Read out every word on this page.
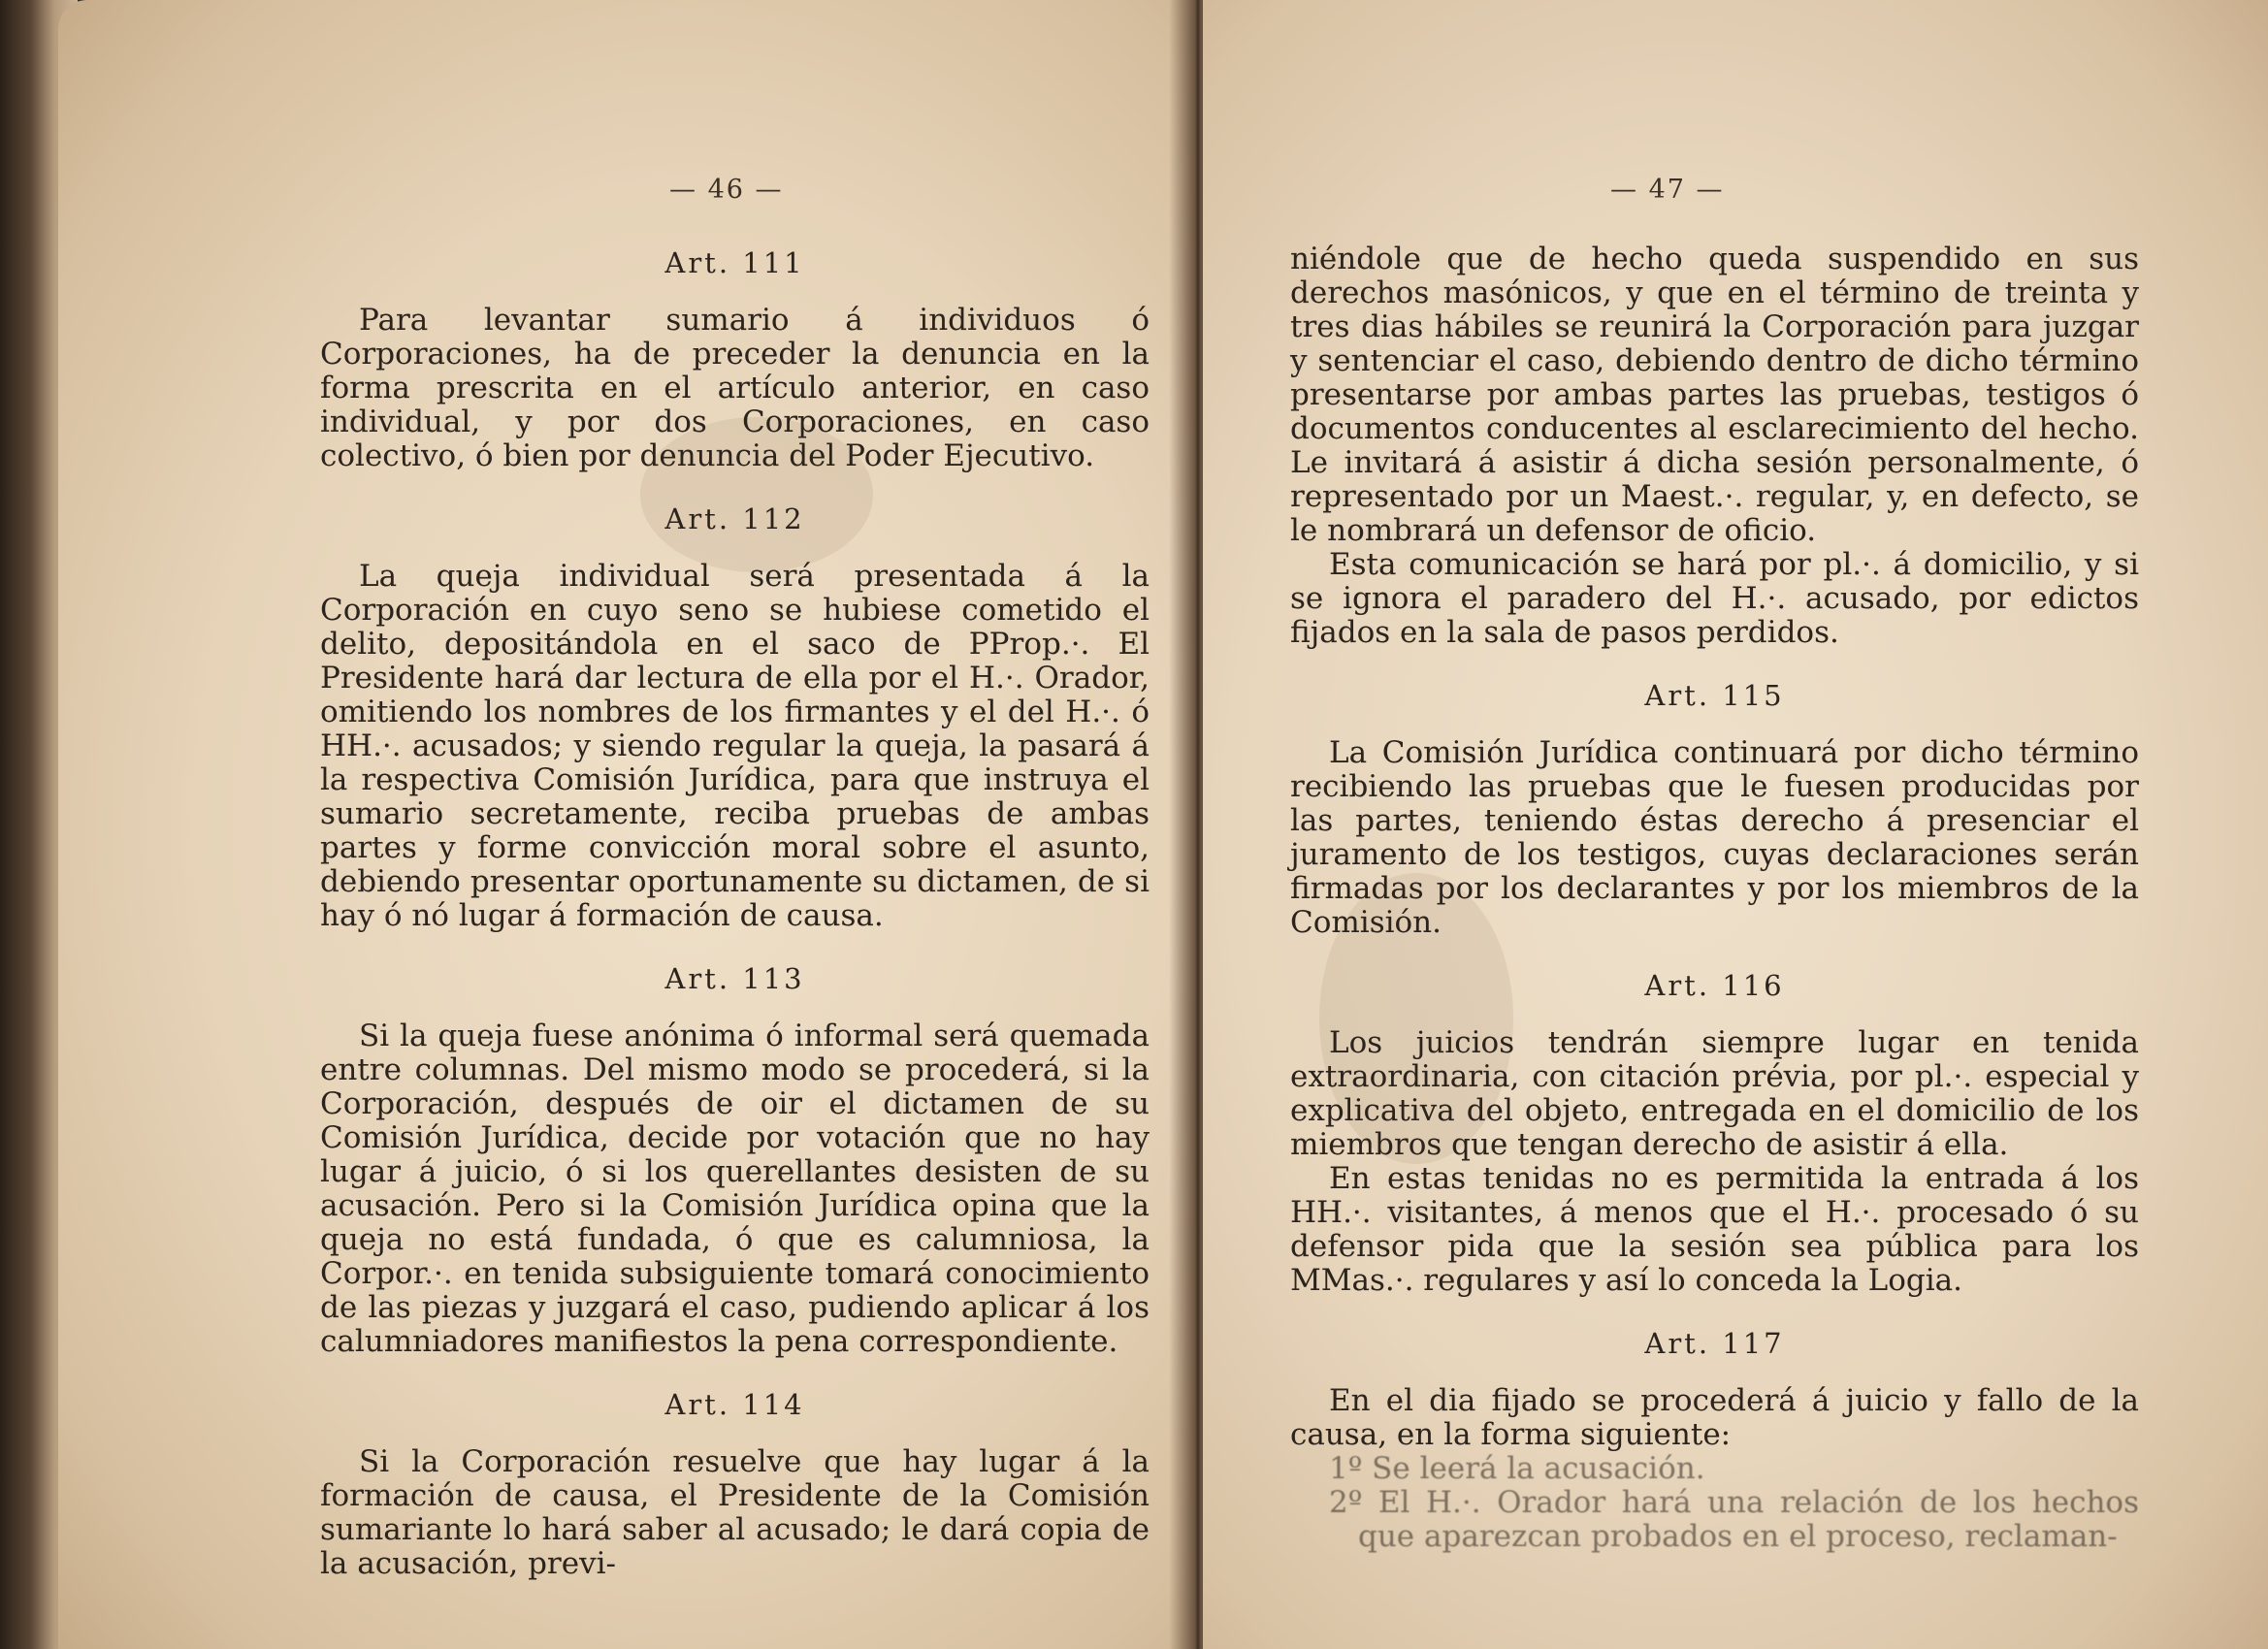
— 46 —
Art. 111

Para levantar sumario á individuos ó Corporaciones, ha de preceder la denuncia en la forma prescrita en el artículo anterior, en caso individual, y por dos Corporaciones, en caso colectivo, ó bien por denuncia del Poder Ejecutivo.

Art. 112

La queja individual será presentada á la Corporación en cuyo seno se hubiese cometido el delito, depositándola en el saco de PProp.·. El Presidente hará dar lectura de ella por el H.·. Orador, omitiendo los nombres de los firmantes y el del H.·. ó HH.·. acusados; y siendo regular la queja, la pasará á la respectiva Comisión Jurídica, para que instruya el sumario secretamente, reciba pruebas de ambas partes y forme convicción moral sobre el asunto, debiendo presentar oportunamente su dictamen, de si hay ó nó lugar á formación de causa.

Art. 113

Si la queja fuese anónima ó informal será quemada entre columnas. Del mismo modo se procederá, si la Corporación, después de oir el dictamen de su Comisión Jurídica, decide por votación que no hay lugar á juicio, ó si los querellantes desisten de su acusación. Pero si la Comisión Jurídica opina que la queja no está fundada, ó que es calumniosa, la Corpor.·. en tenida subsiguiente tomará conocimiento de las piezas y juzgará el caso, pudiendo aplicar á los calumniadores manifiestos la pena correspondiente.

Art. 114

Si la Corporación resuelve que hay lugar á la formación de causa, el Presidente de la Comisión sumariante lo hará saber al acusado; le dará copia de la acusación, previ-

— 47 —

niéndole que de hecho queda suspendido en sus derechos masónicos, y que en el término de treinta y tres dias hábiles se reunirá la Corporación para juzgar y sentenciar el caso, debiendo dentro de dicho término presentarse por ambas partes las pruebas, testigos ó documentos conducentes al esclarecimiento del hecho. Le invitará á asistir á dicha sesión personalmente, ó representado por un Maest.·. regular, y, en defecto, se le nombrará un defensor de oficio.

Esta comunicación se hará por pl.·. á domicilio, y si se ignora el paradero del H.·. acusado, por edictos fijados en la sala de pasos perdidos.

Art. 115

La Comisión Jurídica continuará por dicho término recibiendo las pruebas que le fuesen producidas por las partes, teniendo éstas derecho á presenciar el juramento de los testigos, cuyas declaraciones serán firmadas por los declarantes y por los miembros de la Comisión.

Art. 116

Los juicios tendrán siempre lugar en tenida extraordinaria, con citación prévia, por pl.·. especial y explicativa del objeto, entregada en el domicilio de los miembros que tengan derecho de asistir á ella.

En estas tenidas no es permitida la entrada á los HH.·. visitantes, á menos que el H.·. procesado ó su defensor pida que la sesión sea pública para los MMas.·. regulares y así lo conceda la Logia.

Art. 117

En el dia fijado se procederá á juicio y fallo de la causa, en la forma siguiente:

1º Se leerá la acusación.

2º El H.·. Orador hará una relación de los hechos que aparezcan probados en el proceso, reclaman-
